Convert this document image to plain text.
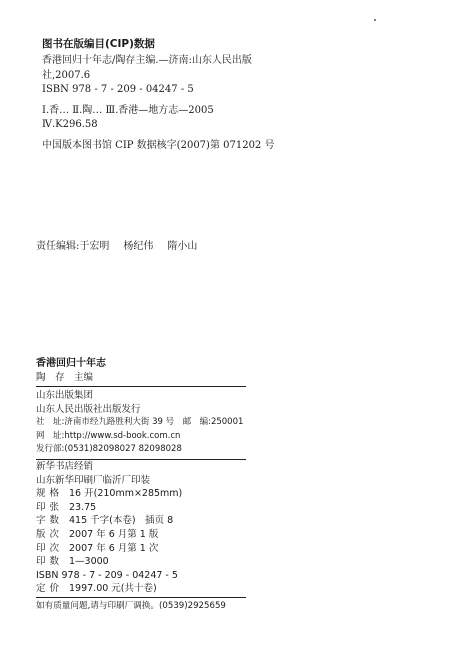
图书在版编目(CIP)数据
香港回归十年志/陶存主编.—济南:山东人民出版
社,2007.6
ISBN 978 - 7 - 209 - 04247 - 5
Ⅰ.香… Ⅱ.陶… Ⅲ.香港—地方志—2005
Ⅳ.K296.58
中国版本图书馆 CIP 数据核字(2007)第 071202 号
责任编辑:于宏明 杨纪伟 隋小山
香港回归十年志
陶　存　主编
山东出版集团
山东人民出版社出版发行
社　址:济南市经九路胜利大街 39 号　邮　编:250001
网　址:http://www.sd-book.com.cn
发行部:(0531)82098027 82098028
新华书店经销
山东新华印刷厂临沂厂印装
规格 16 开(210mm×285mm)
印张 23.75
字数 415 千字(本卷)　插页 8
版次 2007 年 6 月第 1 版
印次 2007 年 6 月第 1 次
印数 1—3000
ISBN 978 - 7 - 209 - 04247 - 5
定价 1997.00 元(共十卷)
如有质量问题,请与印刷厂调换。(0539)2925659
